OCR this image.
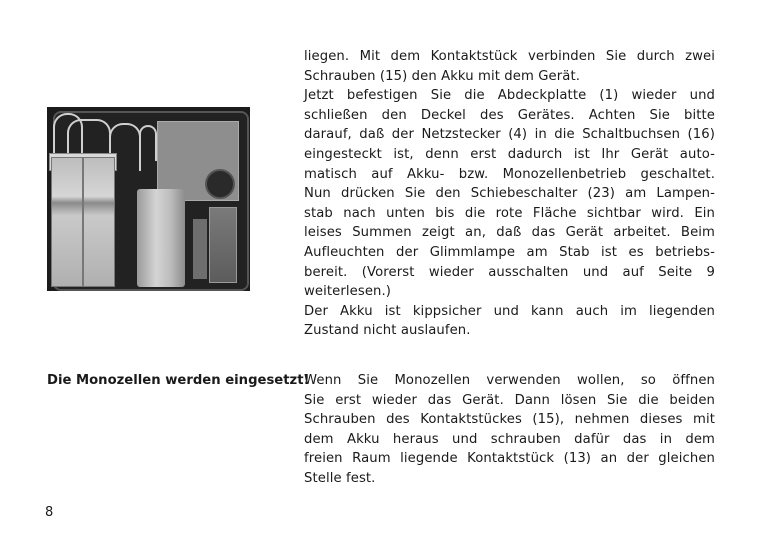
liegen. Mit dem Kontaktstück verbinden Sie durch zwei
Schrauben (15) den Akku mit dem Gerät.
Jetzt befestigen Sie die Abdeckplatte (1) wieder und
schließen den Deckel des Gerätes. Achten Sie bitte
darauf, daß der Netzstecker (4) in die Schaltbuchsen (16)
eingesteckt ist, denn erst dadurch ist Ihr Gerät auto-
matisch auf Akku- bzw. Monozellenbetrieb geschaltet.
Nun drücken Sie den Schiebeschalter (23) am Lampen-
stab nach unten bis die rote Fläche sichtbar wird. Ein
leises Summen zeigt an, daß das Gerät arbeitet. Beim
Aufleuchten der Glimmlampe am Stab ist es betriebs-
bereit. (Vorerst wieder ausschalten und auf Seite 9
weiterlesen.)
Der Akku ist kippsicher und kann auch im liegenden
Zustand nicht auslaufen.
Die Monozellen werden eingesetzt!
Wenn Sie Monozellen verwenden wollen, so öffnen
Sie erst wieder das Gerät. Dann lösen Sie die beiden
Schrauben des Kontaktstückes (15), nehmen dieses mit
dem Akku heraus und schrauben dafür das in dem
freien Raum liegende Kontaktstück (13) an der gleichen
Stelle fest.
8
